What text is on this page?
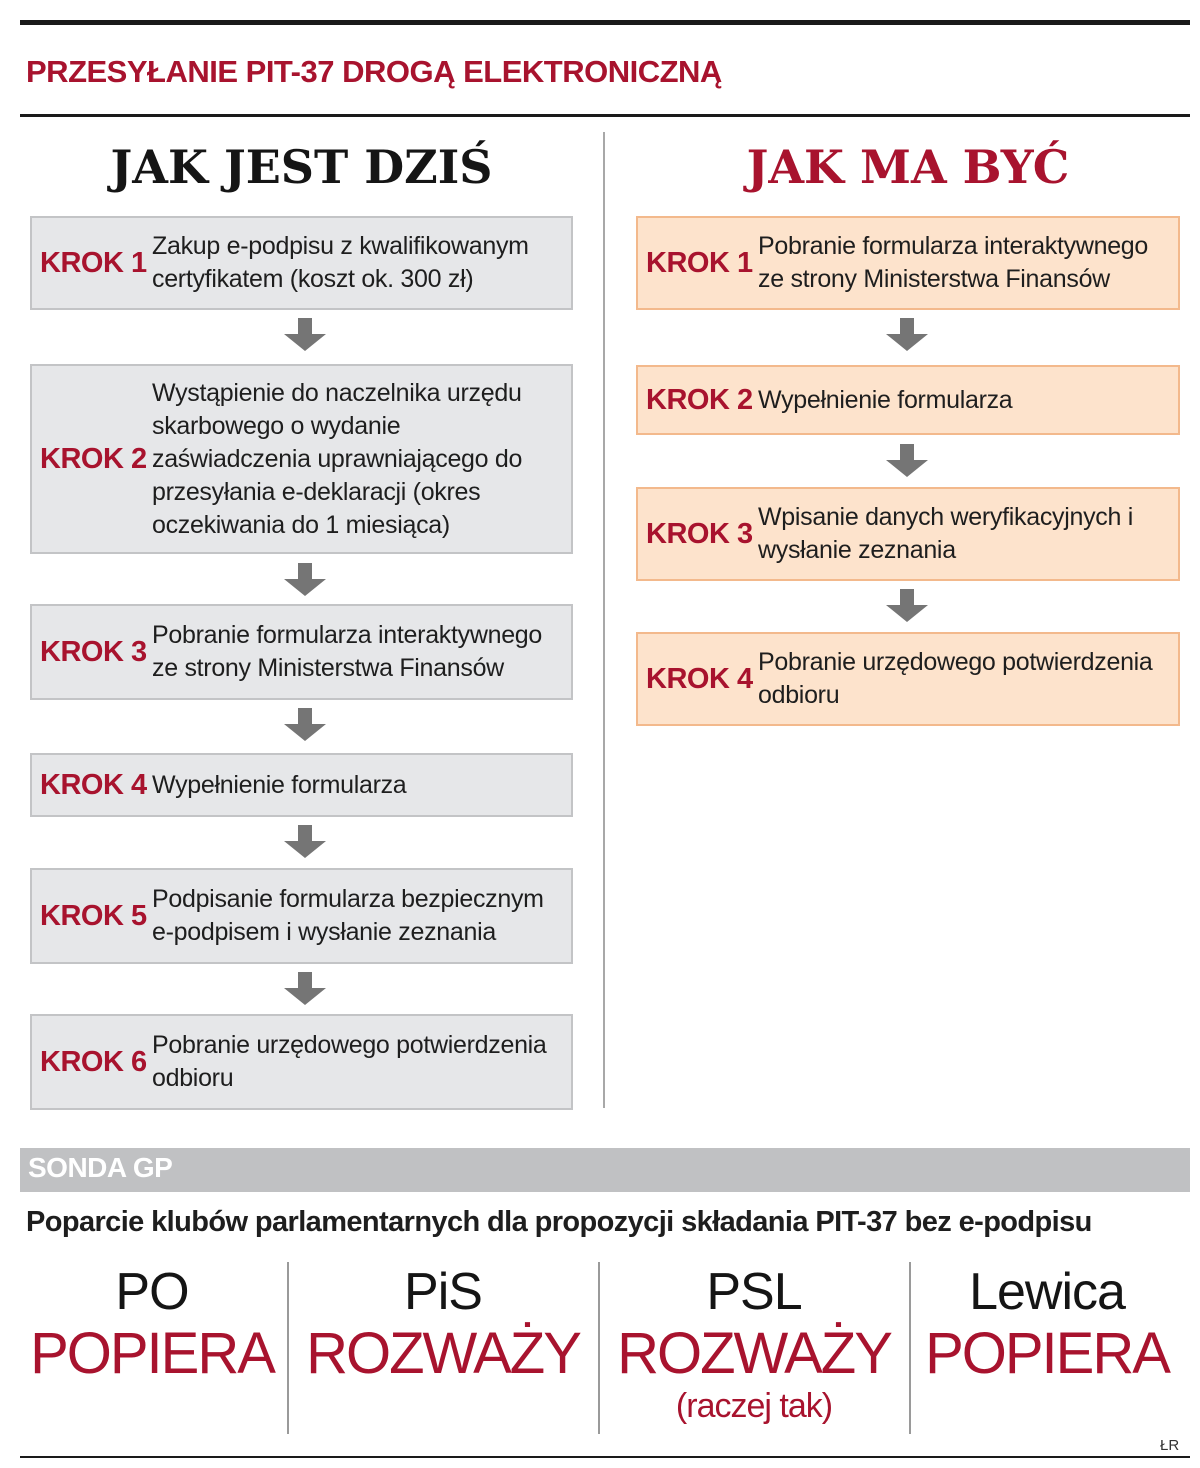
PRZESYŁANIE PIT-37 DROGĄ ELEKTRONICZNĄ
JAK JEST DZIŚ	JAK MA BYĆ
KROK 1
Zakup e-podpisu z kwalifikowanym certyfikatem (koszt ok. 300 zł)
KROK 2
Wystąpienie do naczelnika urzędu skarbowego o wydanie zaświadczenia uprawniającego do przesyłania e-deklaracji (okres oczekiwania do 1 miesiąca)
KROK 3
Pobranie formularza interaktywnego ze strony Ministerstwa Finansów
KROK 4 Wypełnienie formularza
KROK 5
Podpisanie formularza bezpiecznym e-podpisem i wysłanie zeznania
KROK 6
Pobranie urzędowego potwierdzenia odbioru
KROK 1
Pobranie formularza interaktywnego ze strony Ministerstwa Finansów
KROK 2 Wypełnienie formularza
KROK 3
Wpisanie danych weryfikacyjnych i wysłanie zeznania
KROK 4
Pobranie urzędowego potwierdzenia odbioru
SONDA GP

Poparcie klubów parlamentarnych dla propozycji składania PIT-37 bez e-podpisu

PO
POPIERA
PiS
ROZWAŻY
PSL
ROZWAŻY
(raczej tak)
Lewica
POPIERA
ŁR
